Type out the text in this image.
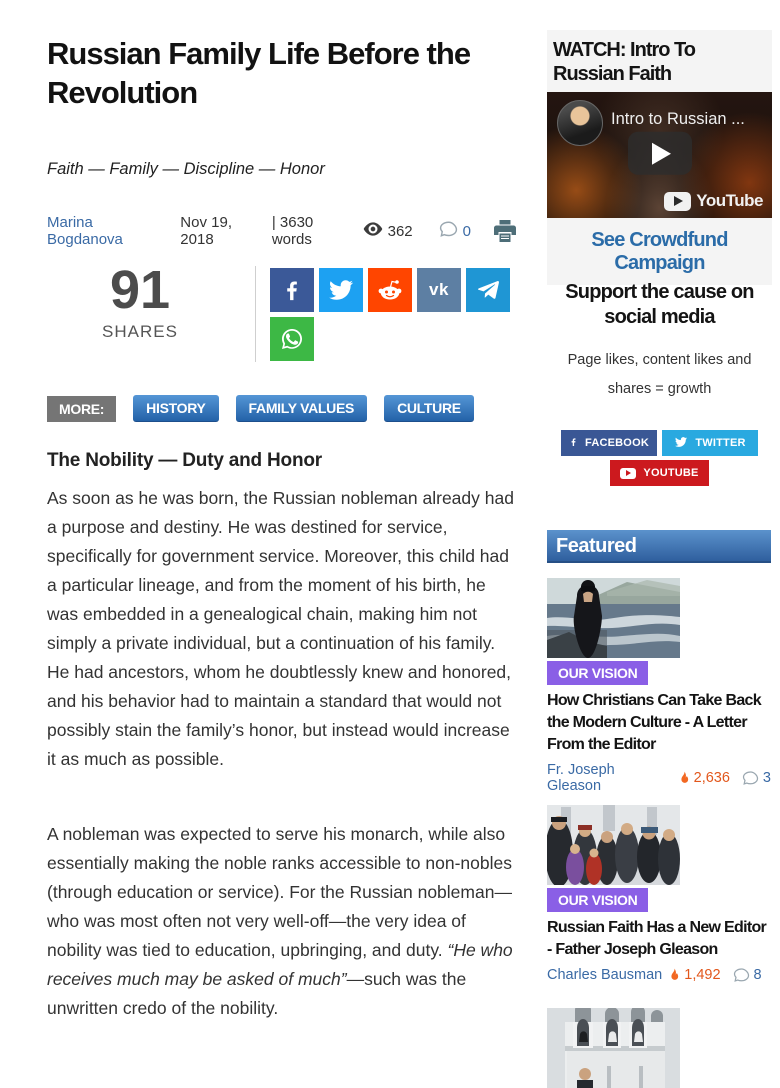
Russian Family Life Before the Revolution
Faith — Family — Discipline — Honor
Marina Bogdanova
Nov 19, 2018
| 3630 words	362	0
91
SHARES
vk
MORE:	HISTORY	FAMILY VALUES	CULTURE
The Nobility — Duty and Honor

As soon as he was born, the Russian nobleman already had a purpose and destiny. He was destined for service, specifically for government service. Moreover, this child had a particular lineage, and from the moment of his birth, he was embedded in a genealogical chain, making him not simply a private individual, but a continuation of his family. He had ancestors, whom he doubtlessly knew and honored, and his behavior had to maintain a standard that would not possibly stain the family’s honor, but instead would increase it as much as possible.

A nobleman was expected to serve his monarch, while also essentially making the noble ranks accessible to non-nobles (through education or service). For the Russian nobleman—who was most often not very well-off—the very idea of nobility was tied to education, upbringing, and duty. “He who receives much may be asked of much”—such was the unwritten credo of the nobility.

WATCH: Intro To Russian Faith
Intro to Russian ...
YouTube
See Crowdfund Campaign
Support the cause on social media
Page likes, content likes and
shares = growth
FACEBOOK	TWITTER
YOUTUBE
Featured
OUR VISION
How Christians Can Take Back the Modern Culture - A Letter From the Editor
Fr. Joseph Gleason	2,636 3
OUR VISION
Russian Faith Has a New Editor - Father Joseph Gleason
Charles Bausman 1,492 8
